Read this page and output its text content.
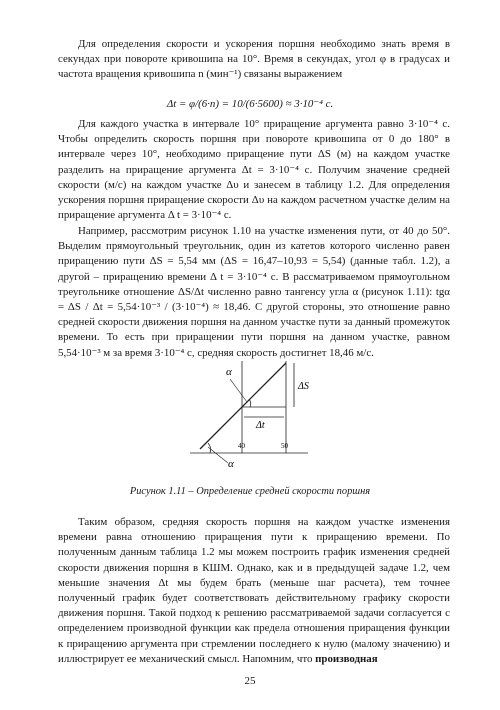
Для определения скорости и ускорения поршня необходимо знать время в секундах при повороте кривошипа на 10°. Время в секундах, угол φ в градусах и частота вращения кривошипа n (мин⁻¹) связаны выражением

Δt = φ/(6·n) = 10/(6·5600) ≈ 3·10⁻⁴ c.

Для каждого участка в интервале 10° приращение аргумента равно 3·10⁻⁴ с. Чтобы определить скорость поршня при повороте кривошипа от 0 до 180° в интервале через 10°, необходимо приращение пути ΔS (м) на каждом участке разделить на приращение аргумента Δt = 3·10⁻⁴ с. Получим значение средней скорости (м/с) на каждом участке Δυ и занесем в таблицу 1.2. Для определения ускорения поршня приращение скорости Δυ на каждом расчетном участке делим на приращение аргумента Δ t = 3·10⁻⁴ с.

Например, рассмотрим рисунок 1.10 на участке изменения пути, от 40 до 50°. Выделим прямоугольный треугольник, один из катетов которого численно равен приращению пути ΔS = 5,54 мм (ΔS = 16,47–10,93 = 5,54) (данные табл. 1.2), а другой – приращению времени Δ t = 3·10⁻⁴ с. В рассматриваемом прямоугольном треугольнике отношение ΔS/Δt численно равно тангенсу угла α (рисунок 1.11): tgα = ΔS / Δt = 5,54·10⁻³ / (3·10⁻⁴) ≈ 18,46. С другой стороны, это отношение равно средней скорости движения поршня на данном участке пути за данный промежуток времени. То есть при приращении пути поршня на данном участке, равном 5,54·10⁻³ м за время 3·10⁻⁴ с, средняя скорость достигнет 18,46 м/с.

α
ΔS
Δt
40	50
α
Рисунок 1.11 – Определение средней скорости поршня

Таким образом, средняя скорость поршня на каждом участке изменения времени равна отношению приращения пути к приращению времени. По полученным данным таблица 1.2 мы можем построить график изменения средней скорости движения поршня в КШМ. Однако, как и в предыдущей задаче 1.2, чем меньшие значения Δt мы будем брать (меньше шаг расчета), тем точнее полученный график будет соответствовать действительному графику скорости движения поршня. Такой подход к решению рассматриваемой задачи согласуется с определением производной функции как предела отношения приращения функции к приращению аргумента при стремлении последнего к нулю (малому значению) и иллюстрирует ее механический смысл. Напомним, что производная

25
